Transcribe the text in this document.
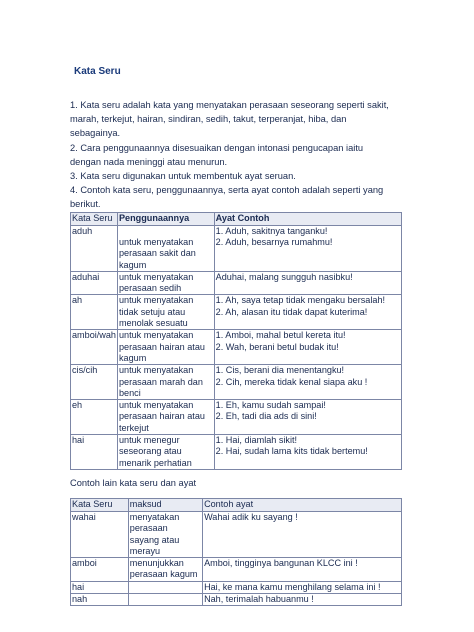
Kata Seru

1. Kata seru adalah kata yang menyatakan perasaan seseorang seperti sakit,

marah, terkejut, hairan, sindiran, sedih, takut, terperanjat, hiba, dan

sebagainya.

2. Cara penggunaannya disesuaikan dengan intonasi pengucapan iaitu

dengan nada meninggi atau menurun.

3. Kata seru digunakan untuk membentuk ayat seruan.

4. Contoh kata seru, penggunaannya, serta ayat contoh adalah seperti yang

berikut.

Kata Seru	Penggunaannya	Ayat Contoh
aduh	untuk menyatakan
perasaan sakit dan
kagum	1. Aduh, sakitnya tanganku!
2. Aduh, besarnya rumahmu!

aduhai	untuk menyatakan
perasaan sedih	Aduhai, malang sungguh nasibku!

ah	untuk menyatakan
tidak setuju atau
menolak sesuatu	1. Ah, saya tetap tidak mengaku bersalah!
2. Ah, alasan itu tidak dapat kuterima!

amboi/wah	untuk menyatakan
perasaan hairan atau
kagum	1. Amboi, mahal betul kereta itu!
2. Wah, berani betul budak itu!

cis/cih	untuk menyatakan
perasaan marah dan
benci	1. Cis, berani dia menentangku!
2. Cih, mereka tidak kenal siapa aku !

eh	untuk menyatakan
perasaan hairan atau
terkejut	1. Eh, kamu sudah sampai!
2. Eh, tadi dia ads di sini!

hai	untuk menegur
seseorang atau
menarik perhatian	1. Hai, diamlah sikit!
2. Hai, sudah lama kits tidak bertemu!
Contoh lain kata seru dan ayat
Kata Seru	maksud	Contoh ayat
wahai	menyatakan
perasaan
sayang atau
merayu	Wahai adik ku sayang !
amboi	menunjukkan
perasaan kagum	Amboi, tingginya bangunan KLCC ini !
hai		Hai, ke mana kamu menghilang selama ini !
nah		Nah, terimalah habuanmu !
